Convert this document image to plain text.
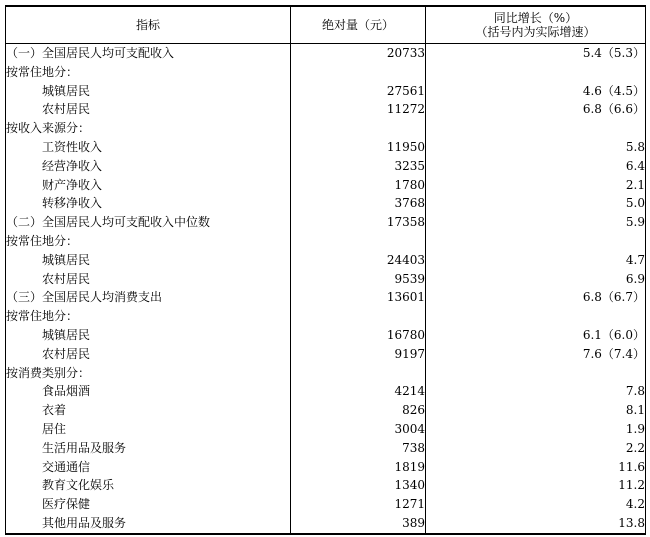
指标	绝对量（元）	同比增长（%）
（括号内为实际增速）

（一）全国居民人均可支配收入	20733	5.4（5.3）
按常住地分：		
城镇居民	27561	4.6（4.5）
农村居民	11272	6.8（6.6）
按收入来源分：		
工资性收入	11950	5.8
经营净收入	3235	6.4
财产净收入	1780	2.1
转移净收入	3768	5.0
（二）全国居民人均可支配收入中位数	17358	5.9
按常住地分：		
城镇居民	24403	4.7
农村居民	9539	6.9
（三）全国居民人均消费支出	13601	6.8（6.7）
按常住地分：		
城镇居民	16780	6.1（6.0）
农村居民	9197	7.6（7.4）
按消费类别分：		
食品烟酒	4214	7.8
衣着	826	8.1
居住	3004	1.9
生活用品及服务	738	2.2
交通通信	1819	11.6
教育文化娱乐	1340	11.2
医疗保健	1271	4.2
其他用品及服务	389	13.8
